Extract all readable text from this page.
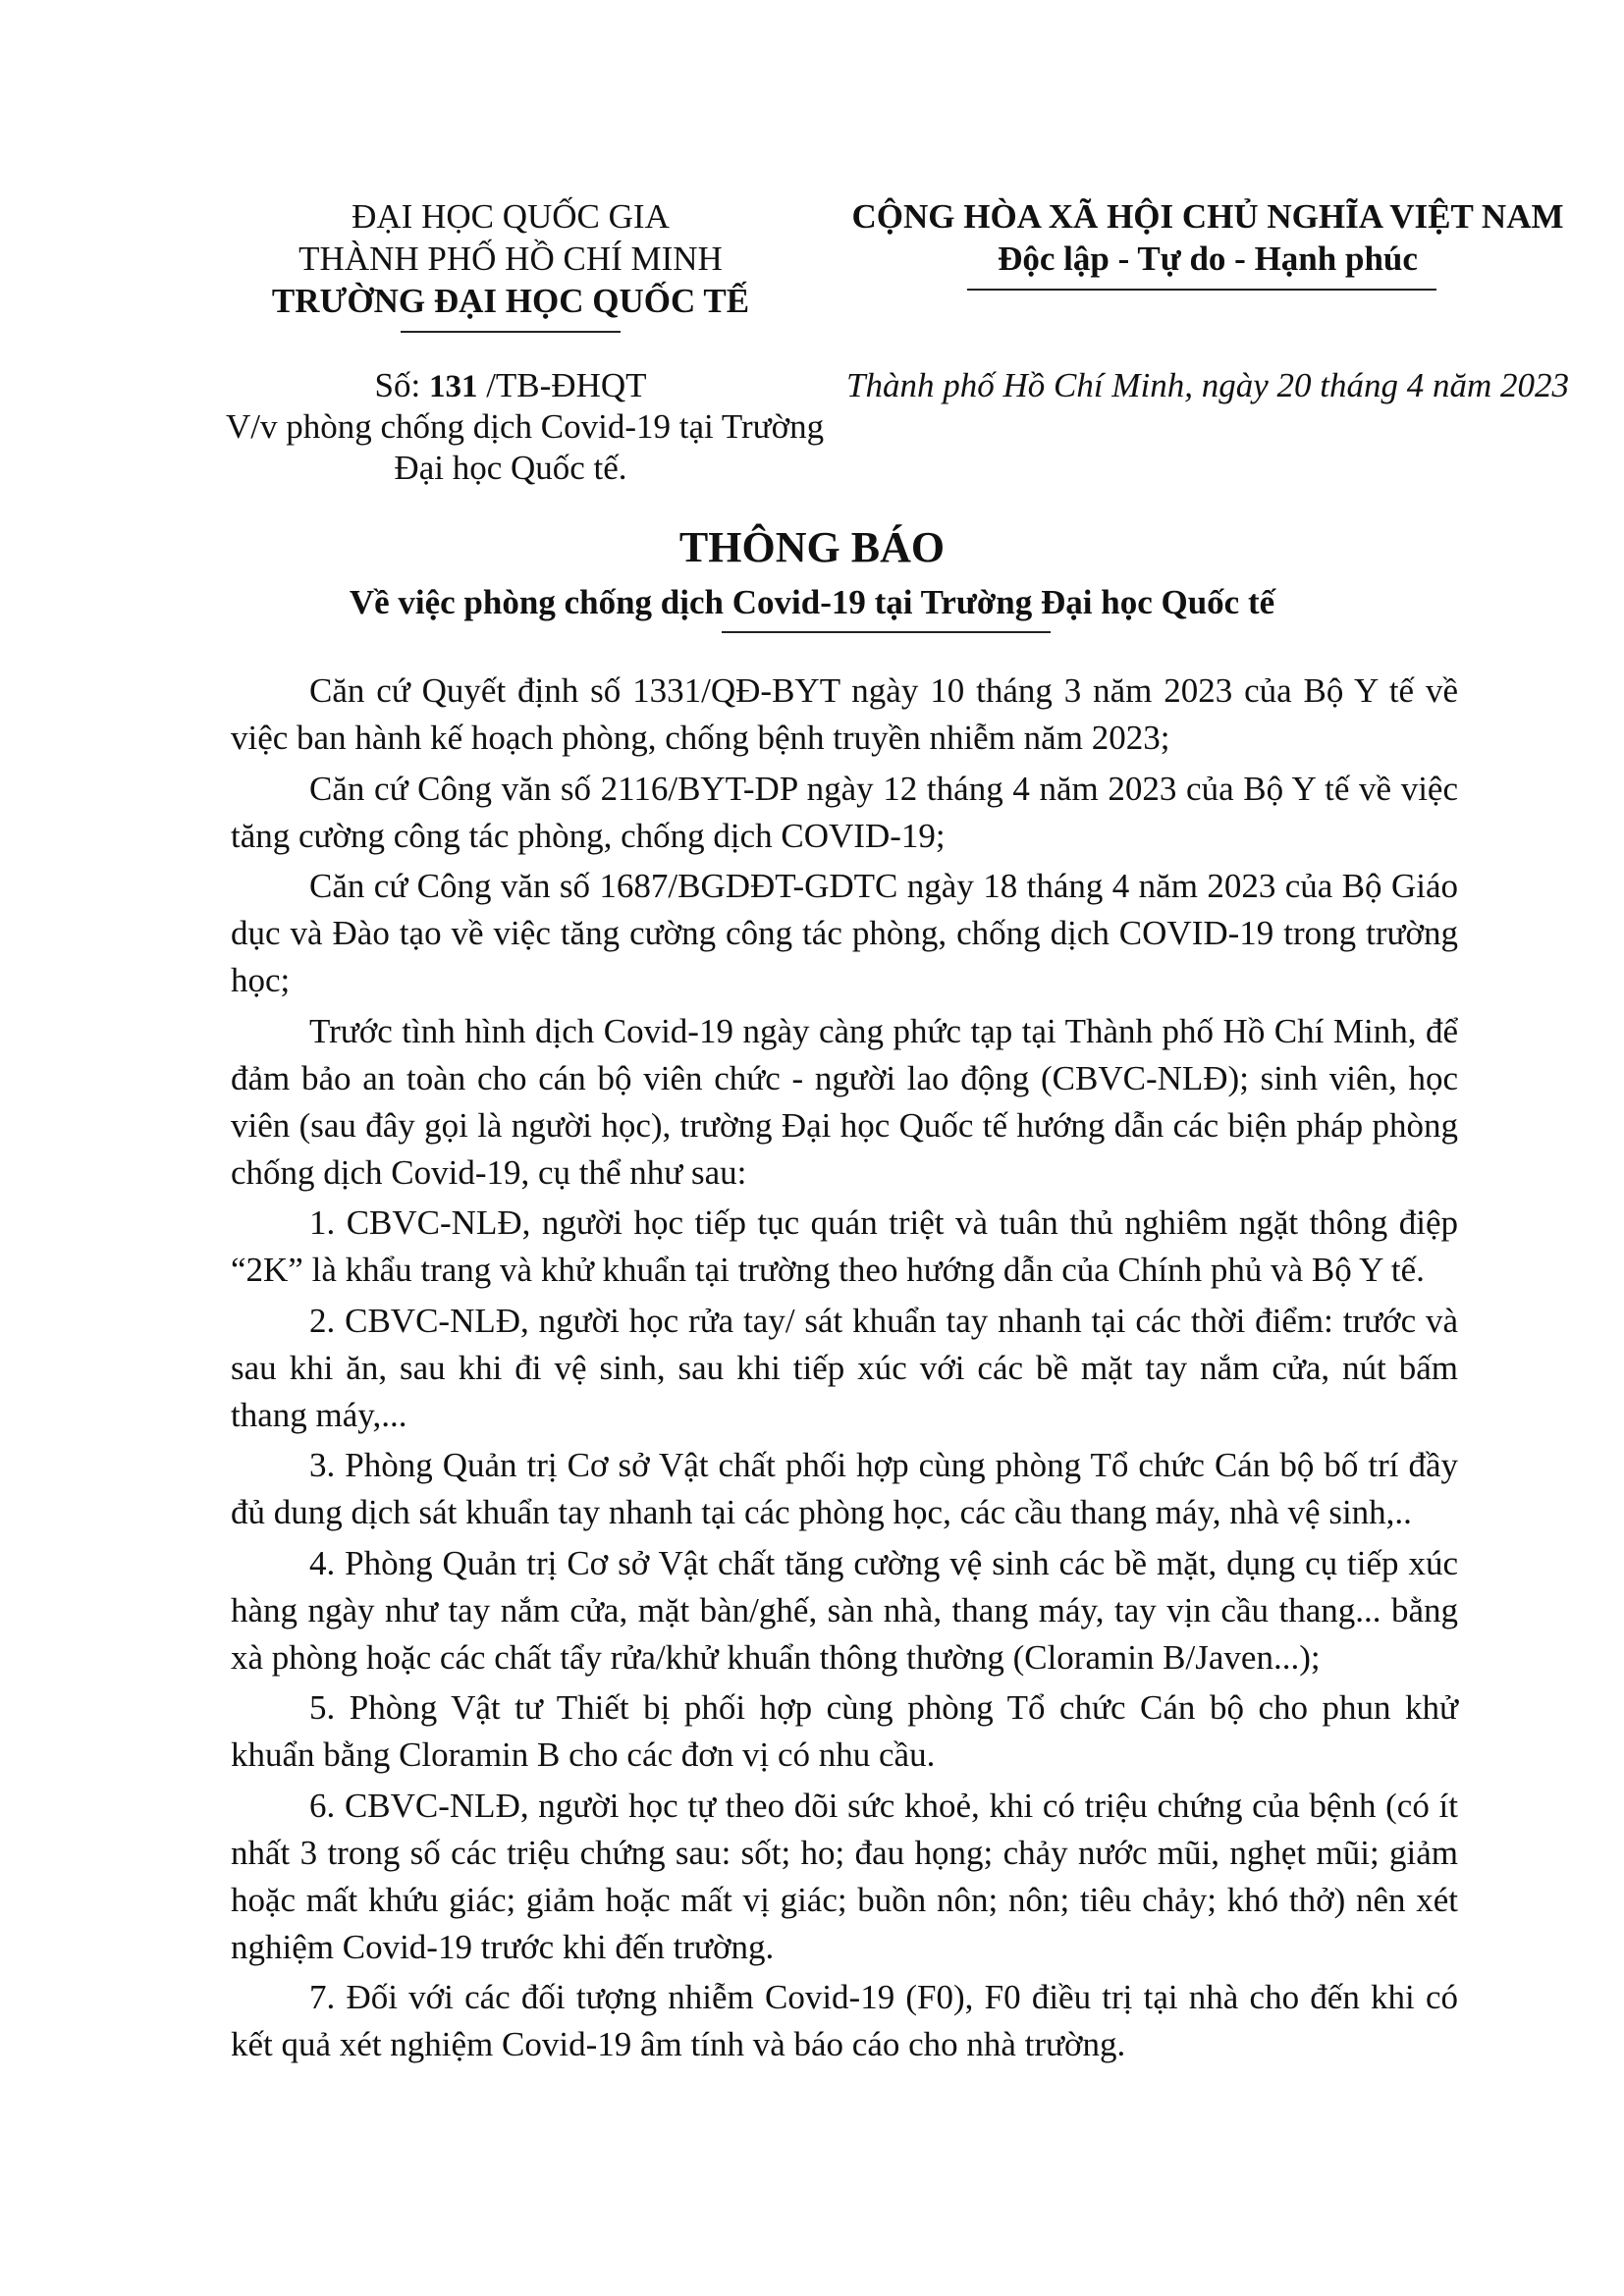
ĐẠI HỌC QUỐC GIA
THÀNH PHỐ HỒ CHÍ MINH
TRƯỜNG ĐẠI HỌC QUỐC TẾ
CỘNG HÒA XÃ HỘI CHỦ NGHĨA VIỆT NAM
Độc lập - Tự do - Hạnh phúc
Số: 131 /TB-ĐHQT
V/v phòng chống dịch Covid-19 tại Trường
Đại học Quốc tế.
Thành phố Hồ Chí Minh, ngày 20 tháng 4 năm 2023
THÔNG BÁO
Về việc phòng chống dịch Covid-19 tại Trường Đại học Quốc tế

Căn cứ Quyết định số 1331/QĐ-BYT ngày 10 tháng 3 năm 2023 của Bộ Y tế về việc ban hành kế hoạch phòng, chống bệnh truyền nhiễm năm 2023;

Căn cứ Công văn số 2116/BYT-DP ngày 12 tháng 4 năm 2023 của Bộ Y tế về việc tăng cường công tác phòng, chống dịch COVID-19;

Căn cứ Công văn số 1687/BGDĐT-GDTC ngày 18 tháng 4 năm 2023 của Bộ Giáo dục và Đào tạo về việc tăng cường công tác phòng, chống dịch COVID-19 trong trường học;

Trước tình hình dịch Covid-19 ngày càng phức tạp tại Thành phố Hồ Chí Minh, để đảm bảo an toàn cho cán bộ viên chức - người lao động (CBVC-NLĐ); sinh viên, học viên (sau đây gọi là người học), trường Đại học Quốc tế hướng dẫn các biện pháp phòng chống dịch Covid-19, cụ thể như sau:

1. CBVC-NLĐ, người học tiếp tục quán triệt và tuân thủ nghiêm ngặt thông điệp “2K” là khẩu trang và khử khuẩn tại trường theo hướng dẫn của Chính phủ và Bộ Y tế.

2. CBVC-NLĐ, người học rửa tay/ sát khuẩn tay nhanh tại các thời điểm: trước và sau khi ăn, sau khi đi vệ sinh, sau khi tiếp xúc với các bề mặt tay nắm cửa, nút bấm thang máy,...

3. Phòng Quản trị Cơ sở Vật chất phối hợp cùng phòng Tổ chức Cán bộ bố trí đầy đủ dung dịch sát khuẩn tay nhanh tại các phòng học, các cầu thang máy, nhà vệ sinh,..

4. Phòng Quản trị Cơ sở Vật chất tăng cường vệ sinh các bề mặt, dụng cụ tiếp xúc hàng ngày như tay nắm cửa, mặt bàn/ghế, sàn nhà, thang máy, tay vịn cầu thang... bằng xà phòng hoặc các chất tẩy rửa/khử khuẩn thông thường (Cloramin B/Javen...);

5. Phòng Vật tư Thiết bị phối hợp cùng phòng Tổ chức Cán bộ cho phun khử khuẩn bằng Cloramin B cho các đơn vị có nhu cầu.

6. CBVC-NLĐ, người học tự theo dõi sức khoẻ, khi có triệu chứng của bệnh (có ít nhất 3 trong số các triệu chứng sau: sốt; ho; đau họng; chảy nước mũi, nghẹt mũi; giảm hoặc mất khứu giác; giảm hoặc mất vị giác; buồn nôn; nôn; tiêu chảy; khó thở) nên xét nghiệm Covid-19 trước khi đến trường.

7. Đối với các đối tượng nhiễm Covid-19 (F0), F0 điều trị tại nhà cho đến khi có kết quả xét nghiệm Covid-19 âm tính và báo cáo cho nhà trường.
